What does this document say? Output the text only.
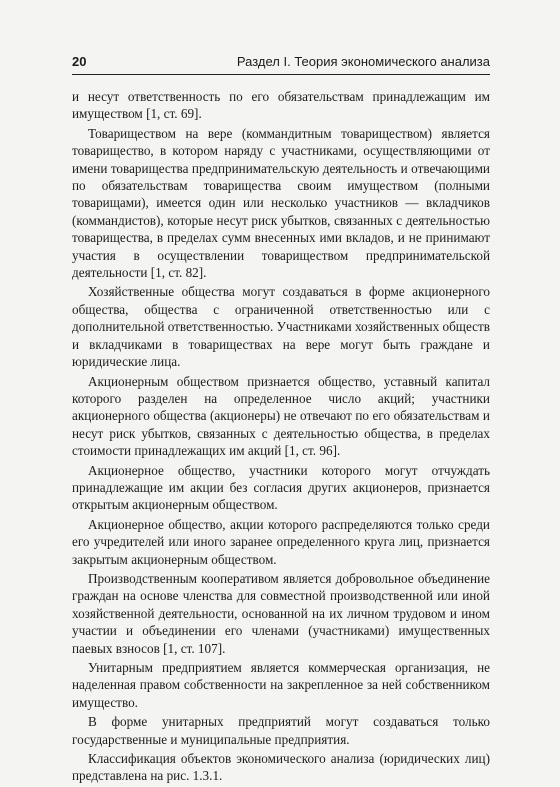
20	Раздел I. Теория экономического анализа

и несут ответственность по его обязательствам принадлежащим им имуществом [1, ст. 69].

Товариществом на вере (коммандитным товариществом) является товарищество, в котором наряду с участниками, осуществляющими от имени товарищества предпринимательскую деятельность и отвечающими по обязательствам товарищества своим имуществом (полными товарищами), имеется один или несколько участников — вкладчиков (коммандистов), которые несут риск убытков, связанных с деятельностью товарищества, в пределах сумм внесенных ими вкладов, и не принимают участия в осуществлении товариществом предпринимательской деятельности [1, ст. 82].

Хозяйственные общества могут создаваться в форме акционерного общества, общества с ограниченной ответственностью или с дополнительной ответственностью. Участниками хозяйственных обществ и вкладчиками в товариществах на вере могут быть граждане и юридические лица.

Акционерным обществом признается общество, уставный капитал которого разделен на определенное число акций; участники акционерного общества (акционеры) не отвечают по его обязательствам и несут риск убытков, связанных с деятельностью общества, в пределах стоимости принадлежащих им акций [1, ст. 96].

Акционерное общество, участники которого могут отчуждать принадлежащие им акции без согласия других акционеров, признается открытым акционерным обществом.

Акционерное общество, акции которого распределяются только среди его учредителей или иного заранее определенного круга лиц, признается закрытым акционерным обществом.

Производственным кооперативом является добровольное объединение граждан на основе членства для совместной производственной или иной хозяйственной деятельности, основанной на их личном трудовом и ином участии и объединении его членами (участниками) имущественных паевых взносов [1, ст. 107].

Унитарным предприятием является коммерческая организация, не наделенная правом собственности на закрепленное за ней собственником имущество.

В форме унитарных предприятий могут создаваться только государственные и муниципальные предприятия.

Классификация объектов экономического анализа (юридических лиц) представлена на рис. 1.3.1.
